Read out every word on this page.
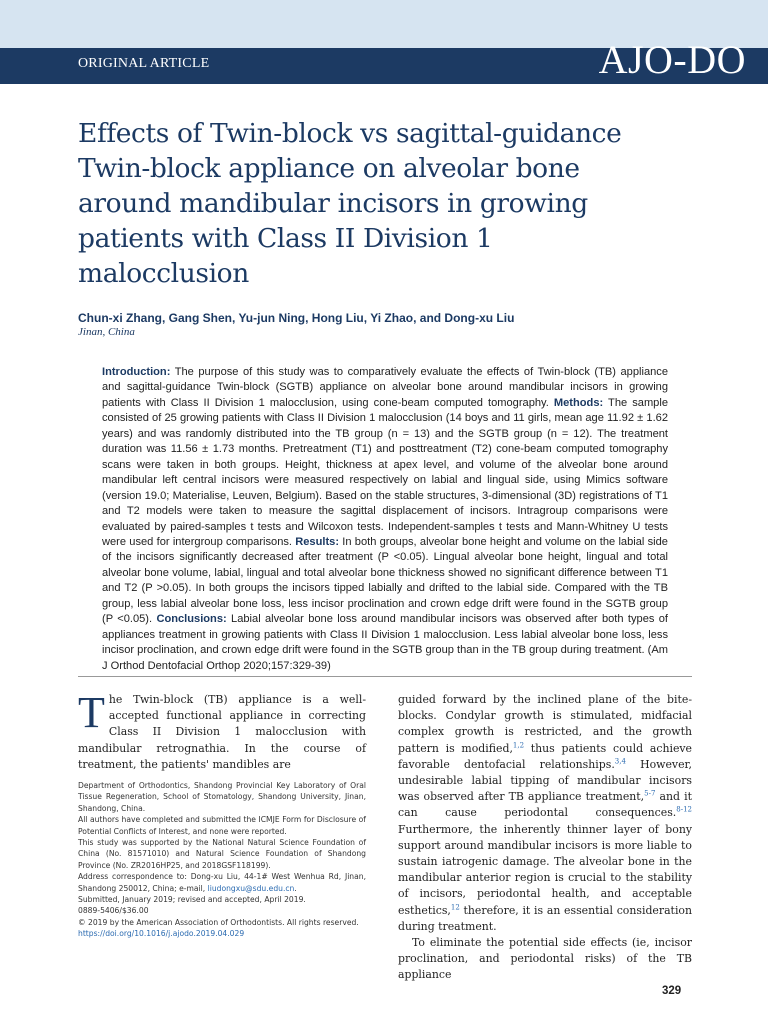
ORIGINAL ARTICLE	AJO-DO
Effects of Twin-block vs sagittal-guidance Twin-block appliance on alveolar bone around mandibular incisors in growing patients with Class II Division 1 malocclusion
Chun-xi Zhang, Gang Shen, Yu-jun Ning, Hong Liu, Yi Zhao, and Dong-xu Liu
Jinan, China
Introduction: The purpose of this study was to comparatively evaluate the effects of Twin-block (TB) appliance and sagittal-guidance Twin-block (SGTB) appliance on alveolar bone around mandibular incisors in growing patients with Class II Division 1 malocclusion, using cone-beam computed tomography. Methods: The sample consisted of 25 growing patients with Class II Division 1 malocclusion (14 boys and 11 girls, mean age 11.92 ± 1.62 years) and was randomly distributed into the TB group (n = 13) and the SGTB group (n = 12). The treatment duration was 11.56 ± 1.73 months. Pretreatment (T1) and posttreatment (T2) cone-beam computed tomography scans were taken in both groups. Height, thickness at apex level, and volume of the alveolar bone around mandibular left central incisors were measured respectively on labial and lingual side, using Mimics software (version 19.0; Materialise, Leuven, Belgium). Based on the stable structures, 3-dimensional (3D) registrations of T1 and T2 models were taken to measure the sagittal displacement of incisors. Intragroup comparisons were evaluated by paired-samples t tests and Wilcoxon tests. Independent-samples t tests and Mann-Whitney U tests were used for intergroup comparisons. Results: In both groups, alveolar bone height and volume on the labial side of the incisors significantly decreased after treatment (P <0.05). Lingual alveolar bone height, lingual and total alveolar bone volume, labial, lingual and total alveolar bone thickness showed no significant difference between T1 and T2 (P >0.05). In both groups the incisors tipped labially and drifted to the labial side. Compared with the TB group, less labial alveolar bone loss, less incisor proclination and crown edge drift were found in the SGTB group (P <0.05). Conclusions: Labial alveolar bone loss around mandibular incisors was observed after both types of appliances treatment in growing patients with Class II Division 1 malocclusion. Less labial alveolar bone loss, less incisor proclination, and crown edge drift were found in the SGTB group than in the TB group during treatment. (Am J Orthod Dentofacial Orthop 2020;157:329-39)

The Twin-block (TB) appliance is a well-accepted functional appliance in correcting Class II Division 1 malocclusion with mandibular retrognathia. In the course of treatment, the patients' mandibles are

Department of Orthodontics, Shandong Provincial Key Laboratory of Oral Tissue Regeneration, School of Stomatology, Shandong University, Jinan, Shandong, China.

All authors have completed and submitted the ICMJE Form for Disclosure of Potential Conflicts of Interest, and none were reported.

This study was supported by the National Natural Science Foundation of China (No. 81571010) and Natural Science Foundation of Shandong Province (No. ZR2016HP25, and 2018GSF118199).

Address correspondence to: Dong-xu Liu, 44-1# West Wenhua Rd, Jinan, Shandong 250012, China; e-mail, liudongxu@sdu.edu.cn.

Submitted, January 2019; revised and accepted, April 2019.

0889-5406/$36.00

© 2019 by the American Association of Orthodontists. All rights reserved.

https://doi.org/10.1016/j.ajodo.2019.04.029

guided forward by the inclined plane of the bite-blocks. Condylar growth is stimulated, midfacial complex growth is restricted, and the growth pattern is modified,$^{1,2}$ thus patients could achieve favorable dentofacial relationships.$^{3,4}$ However, undesirable labial tipping of mandibular incisors was observed after TB appliance treatment,$^{5-7}$ and it can cause periodontal consequences.$^{8-12}$ Furthermore, the inherently thinner layer of bony support around mandibular incisors is more liable to sustain iatrogenic damage. The alveolar bone in the mandibular anterior region is crucial to the stability of incisors, periodontal health, and acceptable esthetics,$^{12}$ therefore, it is an essential consideration during treatment.

To eliminate the potential side effects (ie, incisor proclination, and periodontal risks) of the TB appliance

329
